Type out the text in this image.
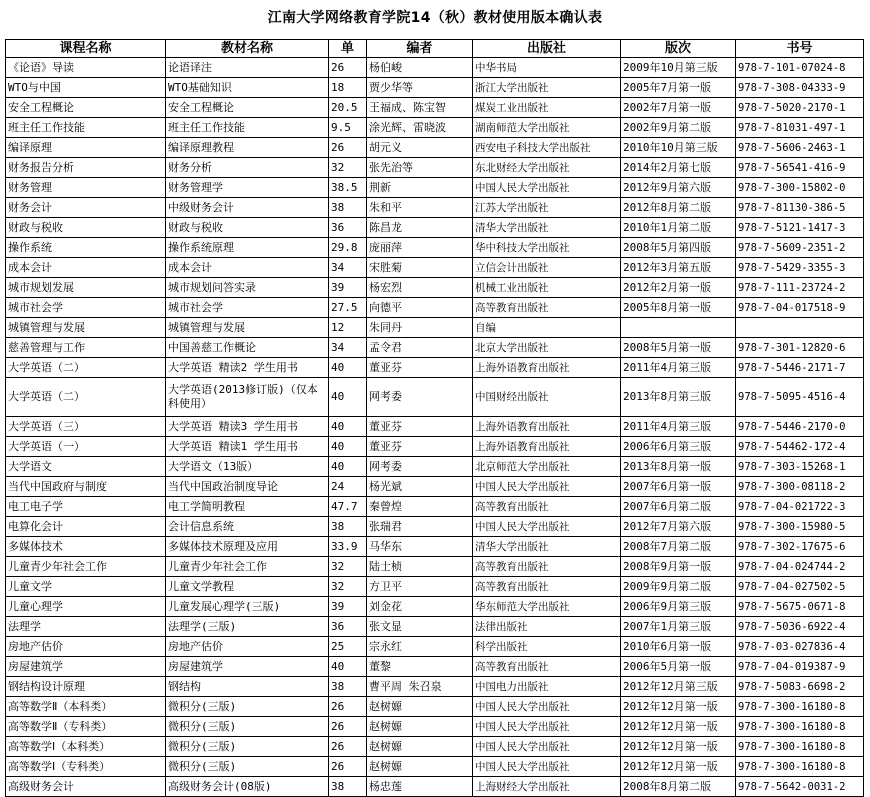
江南大学网络教育学院14（秋）教材使用版本确认表
课程名称	教材名称	单	编者	出版社	版次	书号
《论语》导读	论语译注	26	杨伯峻	中华书局	2009年10月第三版	978-7-101-07024-8
WTO与中国	WTO基础知识	18	贾少华等	浙江大学出版社	2005年7月第一版	978-7-308-04333-9
安全工程概论	安全工程概论	20.5	王福成、陈宝智	煤炭工业出版社	2002年7月第一版	978-7-5020-2170-1
班主任工作技能	班主任工作技能	9.5	涂光辉、雷晓波	湖南师范大学出版社	2002年9月第二版	978-7-81031-497-1
编译原理	编译原理教程	26	胡元义	西安电子科技大学出版社	2010年10月第三版	978-7-5606-2463-1
财务报告分析	财务分析	32	张先治等	东北财经大学出版社	2014年2月第七版	978-7-56541-416-9
财务管理	财务管理学	38.5	荆新	中国人民大学出版社	2012年9月第六版	978-7-300-15802-0
财务会计	中级财务会计	38	朱和平	江苏大学出版社	2012年8月第二版	978-7-81130-386-5
财政与税收	财政与税收	36	陈昌龙	清华大学出版社	2010年1月第二版	978-7-5121-1417-3
操作系统	操作系统原理	29.8	庞丽萍	华中科技大学出版社	2008年5月第四版	978-7-5609-2351-2
成本会计	成本会计	34	宋胜菊	立信会计出版社	2012年3月第五版	978-7-5429-3355-3
城市规划发展	城市规划问答实录	39	杨宏烈	机械工业出版社	2012年2月第一版	978-7-111-23724-2
城市社会学	城市社会学	27.5	向德平	高等教育出版社	2005年8月第一版	978-7-04-017518-9
城镇管理与发展	城镇管理与发展	12	朱同丹	自编		
慈善管理与工作	中国善慈工作概论	34	孟令君	北京大学出版社	2008年5月第一版	978-7-301-12820-6
大学英语（二）	大学英语 精读2 学生用书	40	董亚芬	上海外语教育出版社	2011年4月第三版	978-7-5446-2171-7
大学英语（二）	大学英语(2013修订版)（仅本科使用）	40	网考委	中国财经出版社	2013年8月第三版	978-7-5095-4516-4
大学英语（三）	大学英语 精读3 学生用书	40	董亚芬	上海外语教育出版社	2011年4月第三版	978-7-5446-2170-0
大学英语（一）	大学英语 精读1 学生用书	40	董亚芬	上海外语教育出版社	2006年6月第三版	978-7-54462-172-4
大学语文	大学语文（13版）	40	网考委	北京师范大学出版社	2013年8月第一版	978-7-303-15268-1
当代中国政府与制度	当代中国政治制度导论	24	杨光斌	中国人民大学出版社	2007年6月第一版	978-7-300-08118-2
电工电子学	电工学简明教程	47.7	秦曾煌	高等教育出版社	2007年6月第二版	978-7-04-021722-3
电算化会计	会计信息系统	38	张瑞君	中国人民大学出版社	2012年7月第六版	978-7-300-15980-5
多媒体技术	多媒体技术原理及应用	33.9	马华东	清华大学出版社	2008年7月第二版	978-7-302-17675-6
儿童青少年社会工作	儿童青少年社会工作	32	陆士桢	高等教育出版社	2008年9月第一版	978-7-04-024744-2
儿童文学	儿童文学教程	32	方卫平	高等教育出版社	2009年9月第二版	978-7-04-027502-5
儿童心理学	儿童发展心理学(三版)	39	刘金花	华东师范大学出版社	2006年9月第三版	978-7-5675-0671-8
法理学	法理学(三版)	36	张文显	法律出版社	2007年1月第三版	978-7-5036-6922-4
房地产估价	房地产估价	25	宗永红	科学出版社	2010年6月第一版	978-7-03-027836-4
房屋建筑学	房屋建筑学	40	董黎	高等教育出版社	2006年5月第一版	978-7-04-019387-9
钢结构设计原理	钢结构	38	曹平周 朱召泉	中国电力出版社	2012年12月第三版	978-7-5083-6698-2
高等数学Ⅱ（本科类）	微积分(三版)	26	赵树嫄	中国人民大学出版社	2012年12月第一版	978-7-300-16180-8
高等数学Ⅱ（专科类）	微积分(三版)	26	赵树嫄	中国人民大学出版社	2012年12月第一版	978-7-300-16180-8
高等数学Ⅰ（本科类）	微积分(三版)	26	赵树嫄	中国人民大学出版社	2012年12月第一版	978-7-300-16180-8
高等数学Ⅰ（专科类）	微积分(三版)	26	赵树嫄	中国人民大学出版社	2012年12月第一版	978-7-300-16180-8
高级财务会计	高级财务会计(08版)	38	杨忠莲	上海财经大学出版社	2008年8月第二版	978-7-5642-0031-2
